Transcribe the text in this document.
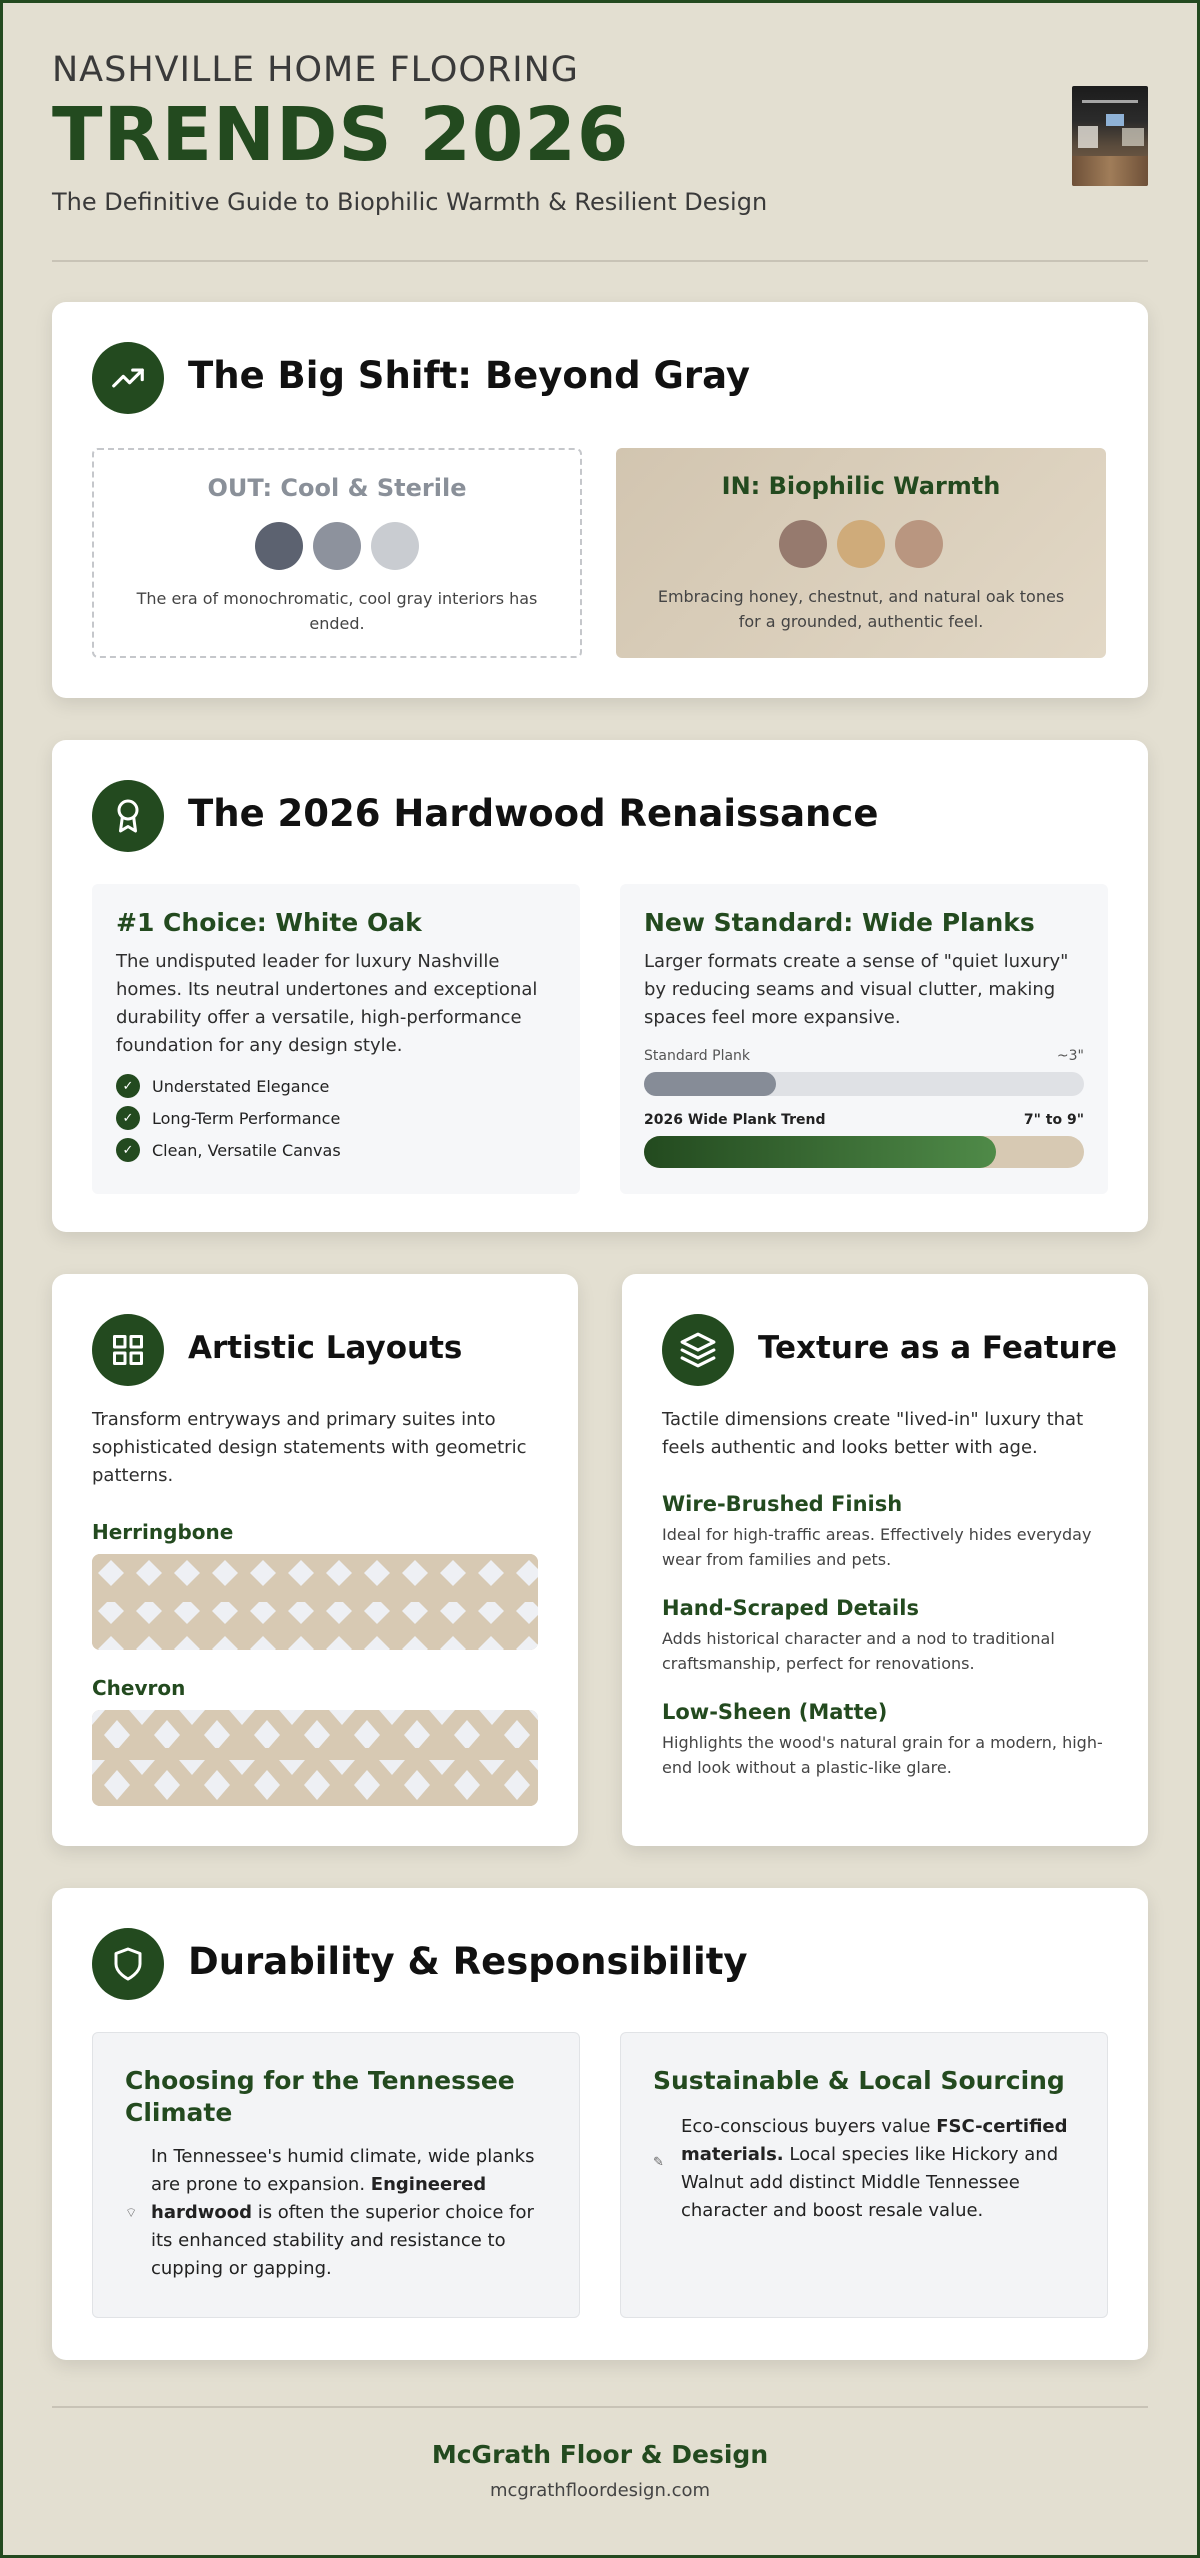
NASHVILLE HOME FLOORING
TRENDS 2026
The Definitive Guide to Biophilic Warmth & Resilient Design
The Big Shift: Beyond Gray
OUT: Cool & Sterile

The era of monochromatic, cool gray interiors has ended.

IN: Biophilic Warmth

Embracing honey, chestnut, and natural oak tones for a grounded, authentic feel.

The 2026 Hardwood Renaissance
#1 Choice: White Oak

The undisputed leader for luxury Nashville homes. Its neutral undertones and exceptional durability offer a versatile, high-performance foundation for any design style.

✓	Understated Elegance
✓	Long-Term Performance
✓	Clean, Versatile Canvas
New Standard: Wide Planks

Larger formats create a sense of "quiet luxury" by reducing seams and visual clutter, making spaces feel more expansive.

Standard Plank	~3"
2026 Wide Plank Trend	7" to 9"
Artistic Layouts
Transform entryways and primary suites into sophisticated design statements with geometric patterns.
Herringbone
Chevron
Texture as a Feature
Tactile dimensions create "lived-in" luxury that feels authentic and looks better with age.
Wire-Brushed Finish

Ideal for high-traffic areas. Effectively hides everyday wear from families and pets.

Hand-Scraped Details

Adds historical character and a nod to traditional craftsmanship, perfect for renovations.

Low-Sheen (Matte)

Highlights the wood's natural grain for a modern, high-end look without a plastic-like glare.

Durability & Responsibility
Choosing for the Tennessee Climate
⌔
In Tennessee's humid climate, wide planks are prone to expansion. Engineered hardwood is often the superior choice for its enhanced stability and resistance to cupping or gapping.
Sustainable & Local Sourcing
✎
Eco-conscious buyers value FSC-certified materials. Local species like Hickory and Walnut add distinct Middle Tennessee character and boost resale value.
McGrath Floor & Design
mcgrathfloordesign.com
